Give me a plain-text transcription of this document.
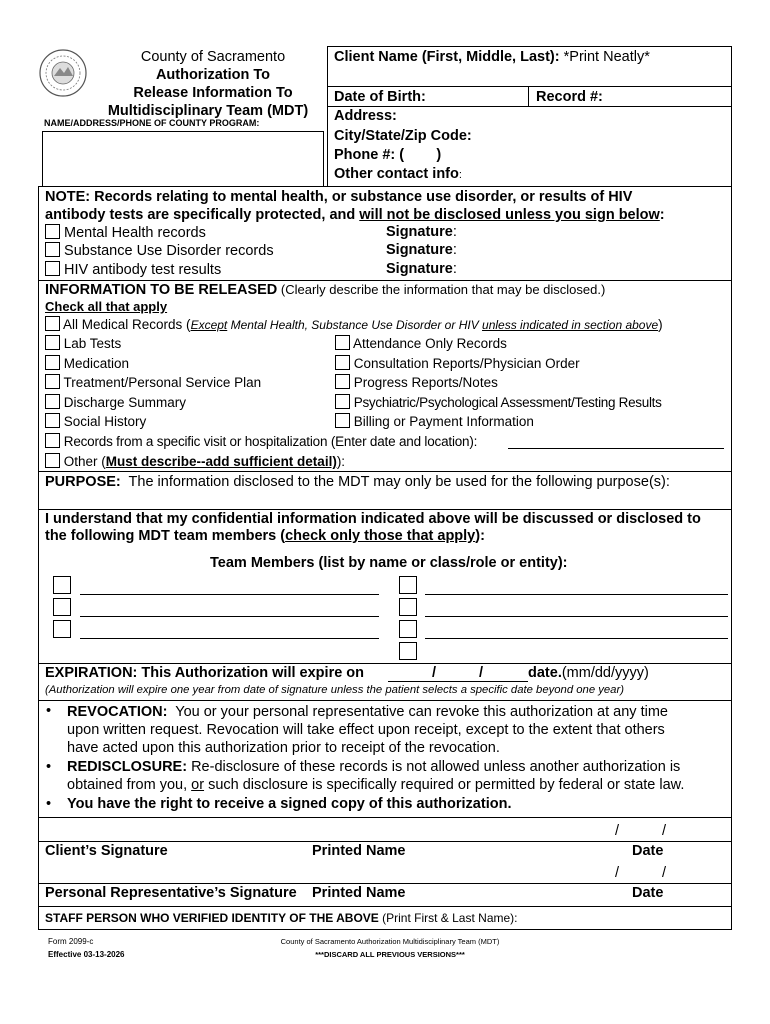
County of Sacramento
Authorization To
Release Information To
Multidisciplinary Team (MDT)
NAME/ADDRESS/PHONE OF COUNTY PROGRAM:
Client Name (First, Middle, Last): *Print Neatly*
Date of Birth:	Record #:
Address:
City/State/Zip Code:
Phone #: (        )
Other contact info:
NOTE: Records relating to mental health, or substance use disorder, or results of HIV
antibody tests are specifically protected, and will not be disclosed unless you sign below:
Mental Health records	Signature:
Substance Use Disorder records	Signature:
HIV antibody test results	Signature:
INFORMATION TO BE RELEASED (Clearly describe the information that may be disclosed.)
Check all that apply
All Medical Records (Except Mental Health, Substance Use Disorder or HIV unless indicated in section above)
Lab Tests
Medication
Treatment/Personal Service Plan
Discharge Summary
Social History
Attendance Only Records
Consultation Reports/Physician Order
Progress Reports/Notes
Psychiatric/Psychological Assessment/Testing Results
Billing or Payment Information
Records from a specific visit or hospitalization (Enter date and location):
Other (Must describe--add sufficient detail)):
PURPOSE:  The information disclosed to the MDT may only be used for the following purpose(s):
I understand that my confidential information indicated above will be discussed or disclosed to
the following MDT team members (check only those that apply):
Team Members (list by name or class/role or entity):
EXPIRATION: This Authorization will expire on	/	/	date.(mm/dd/yyyy)
(Authorization will expire one year from date of signature unless the patient selects a specific date beyond one year)
• REVOCATION:  You or your personal representative can revoke this authorization at any time
upon written request. Revocation will take effect upon receipt, except to the extent that others
have acted upon this authorization prior to receipt of the revocation.
• REDISCLOSURE: Re-disclosure of these records is not allowed unless another authorization is
obtained from you, or such disclosure is specifically required or permitted by federal or state law.
• You have the right to receive a signed copy of this authorization.
/	/
Client’s Signature	Printed Name	Date
/	/
Personal Representative’s Signature Printed Name	Date
STAFF PERSON WHO VERIFIED IDENTITY OF THE ABOVE (Print First & Last Name):
Form 2099-c
Effective 03-13-2026
County of Sacramento Authorization Multidisciplinary Team (MDT)
***DISCARD ALL PREVIOUS VERSIONS***
